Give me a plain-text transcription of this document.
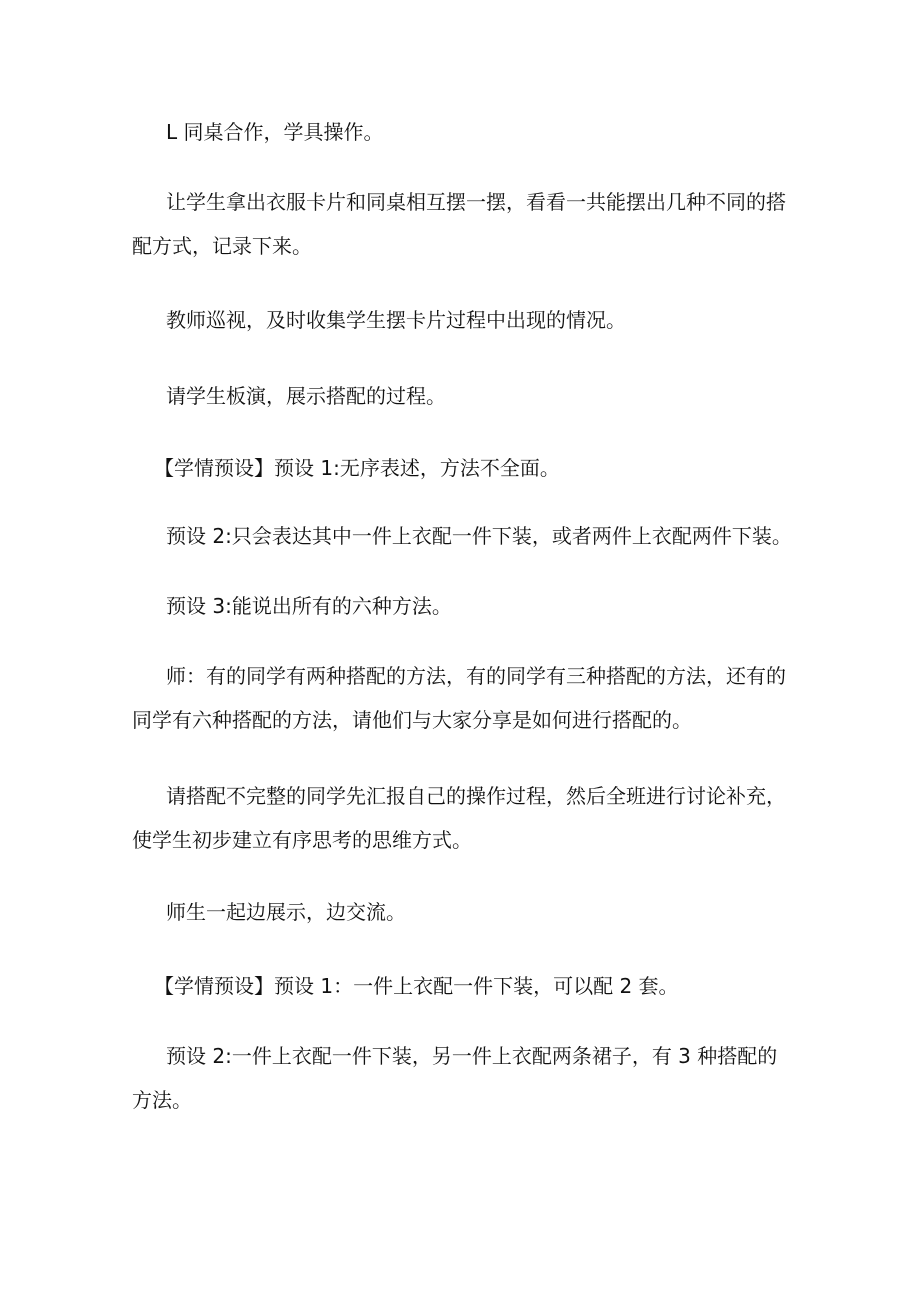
L 同桌合作，学具操作。

让学生拿出衣服卡片和同桌相互摆一摆，看看一共能摆出几种不同的搭配方式，记录下来。

教师巡视，及时收集学生摆卡片过程中出现的情况。

请学生板演，展示搭配的过程。

【学情预设】预设 1:无序表述，方法不全面。

预设 2:只会表达其中一件上衣配一件下装，或者两件上衣配两件下装。

预设 3:能说出所有的六种方法。

师：有的同学有两种搭配的方法，有的同学有三种搭配的方法，还有的同学有六种搭配的方法，请他们与大家分享是如何进行搭配的。

请搭配不完整的同学先汇报自己的操作过程，然后全班进行讨论补充，使学生初步建立有序思考的思维方式。

师生一起边展示，边交流。

【学情预设】预设 1：一件上衣配一件下装，可以配 2 套。

预设 2:一件上衣配一件下装，另一件上衣配两条裙子，有 3 种搭配的方法。
